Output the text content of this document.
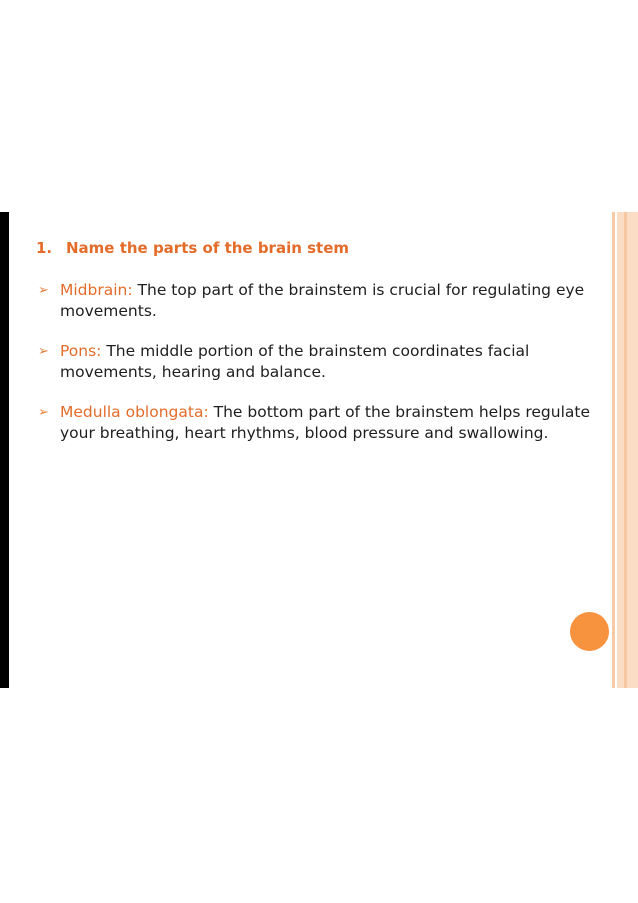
1. Name the parts of the brain stem
➢ Midbrain: The top part of the brainstem is crucial for regulating eye movements.
➢ Pons: The middle portion of the brainstem coordinates facial movements, hearing and balance.
➢ Medulla oblongata: The bottom part of the brainstem helps regulate your breathing, heart rhythms, blood pressure and swallowing.
